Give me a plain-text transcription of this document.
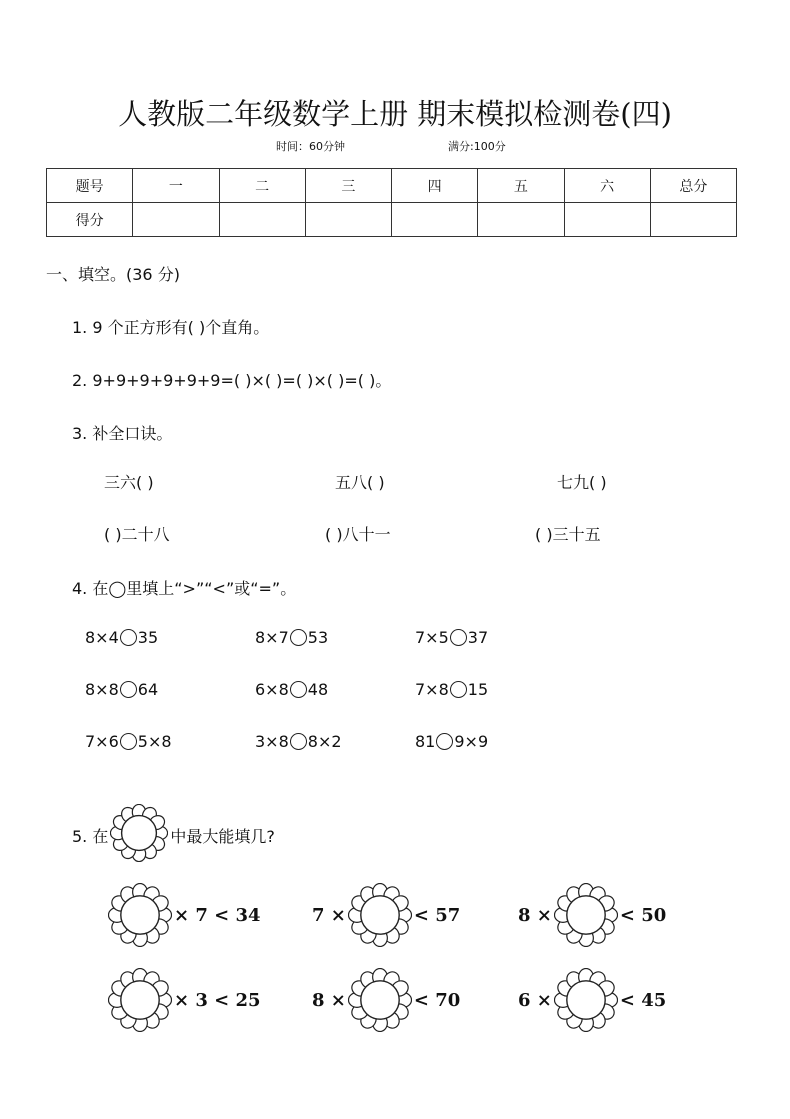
人教版二年级数学上册 期末模拟检测卷(四)
时间：60分钟	满分:100分
题号	一	二	三	四	五	六	总分
得分							
一、填空。(36 分)
1. 9 个正方形有( )个直角。
2. 9+9+9+9+9+9=( )×( )=( )×( )=( )。
3. 补全口诀。
三六( )	五八( )	七九( )
( )二十八	( )八十一	( )三十五
4. 在◯里填上“>”“<”或“=”。
8×4 35	8×7 53	7×5 37
8×8 64	6×8 48	7×8 15
7×6 5×8	3×8 8×2	81 9×9
5. 在	中最大能填几?
× 7 < 34	7 ×	< 57	8 ×	< 50
× 3 < 25	8 ×	< 70	6 ×	< 45
